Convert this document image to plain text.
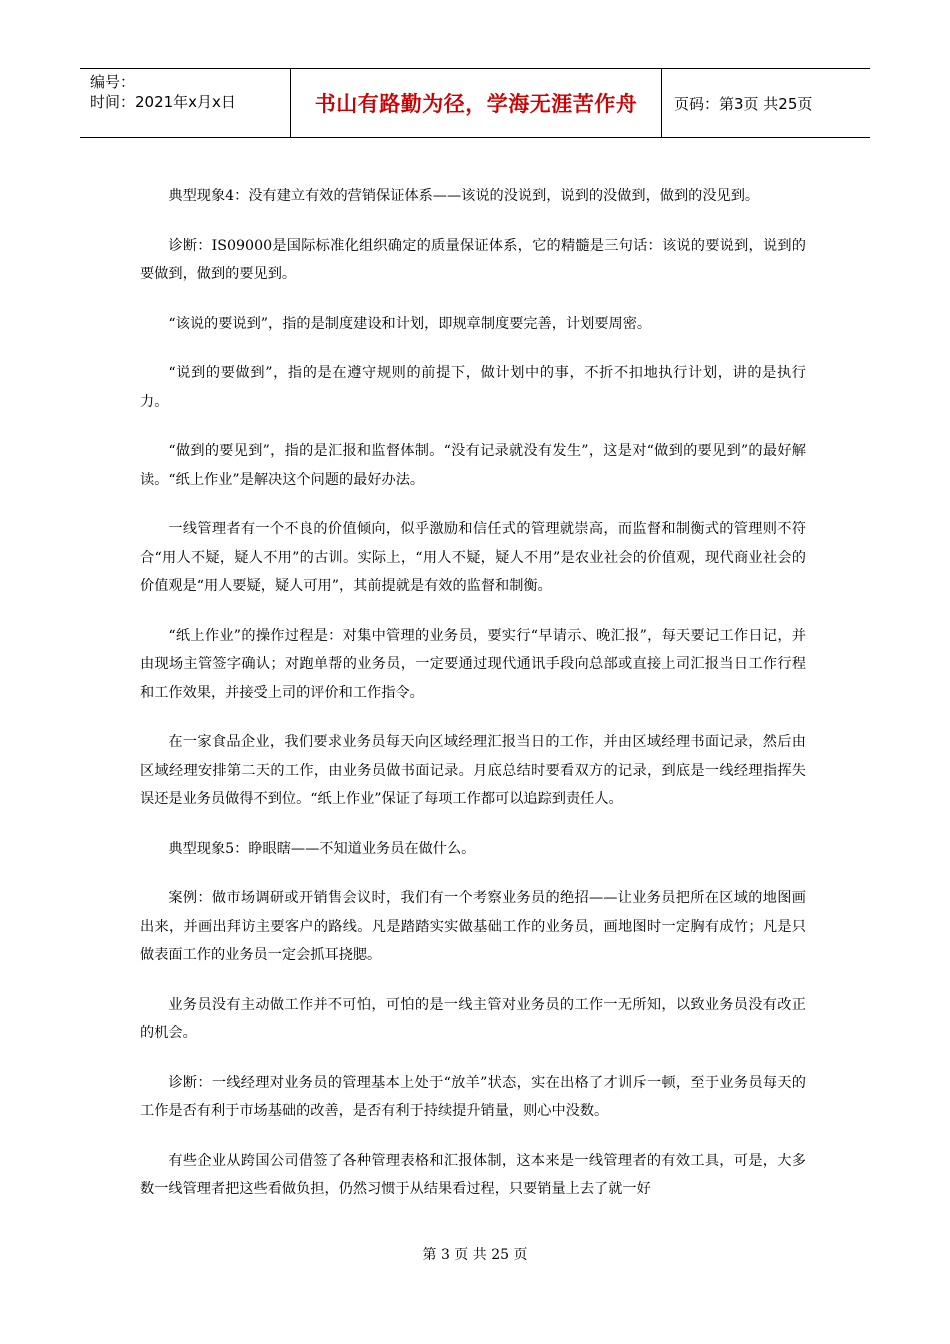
编号：
时间：2021年x月x日	书山有路勤为径，学海无涯苦作舟	页码：第3页 共25页

典型现象4：没有建立有效的营销保证体系——该说的没说到，说到的没做到，做到的没见到。

诊断：IS09000是国际标准化组织确定的质量保证体系，它的精髓是三句话：该说的要说到，说到的要做到，做到的要见到。

“该说的要说到”，指的是制度建设和计划，即规章制度要完善，计划要周密。

“说到的要做到”，指的是在遵守规则的前提下，做计划中的事，不折不扣地执行计划，讲的是执行力。

“做到的要见到”，指的是汇报和监督体制。“没有记录就没有发生”，这是对“做到的要见到”的最好解读。“纸上作业”是解决这个问题的最好办法。

一线管理者有一个不良的价值倾向，似乎激励和信任式的管理就崇高，而监督和制衡式的管理则不符合“用人不疑，疑人不用”的古训。实际上，“用人不疑，疑人不用”是农业社会的价值观，现代商业社会的价值观是“用人要疑，疑人可用”，其前提就是有效的监督和制衡。

“纸上作业”的操作过程是：对集中管理的业务员，要实行“早请示、晚汇报”，每天要记工作日记，并由现场主管签字确认；对跑单帮的业务员，一定要通过现代通讯手段向总部或直接上司汇报当日工作行程和工作效果，并接受上司的评价和工作指令。

在一家食品企业，我们要求业务员每天向区域经理汇报当日的工作，并由区域经理书面记录，然后由区域经理安排第二天的工作，由业务员做书面记录。月底总结时要看双方的记录，到底是一线经理指挥失误还是业务员做得不到位。“纸上作业”保证了每项工作都可以追踪到责任人。

典型现象5：睁眼瞎——不知道业务员在做什么。

案例：做市场调研或开销售会议时，我们有一个考察业务员的绝招——让业务员把所在区域的地图画出来，并画出拜访主要客户的路线。凡是踏踏实实做基础工作的业务员，画地图时一定胸有成竹；凡是只做表面工作的业务员一定会抓耳挠腮。

业务员没有主动做工作并不可怕，可怕的是一线主管对业务员的工作一无所知，以致业务员没有改正的机会。

诊断：一线经理对业务员的管理基本上处于“放羊”状态，实在出格了才训斥一顿，至于业务员每天的工作是否有利于市场基础的改善，是否有利于持续提升销量，则心中没数。

有些企业从跨国公司借签了各种管理表格和汇报体制，这本来是一线管理者的有效工具，可是，大多数一线管理者把这些看做负担，仍然习惯于从结果看过程，只要销量上去了就一好

第 3 页 共 25 页
